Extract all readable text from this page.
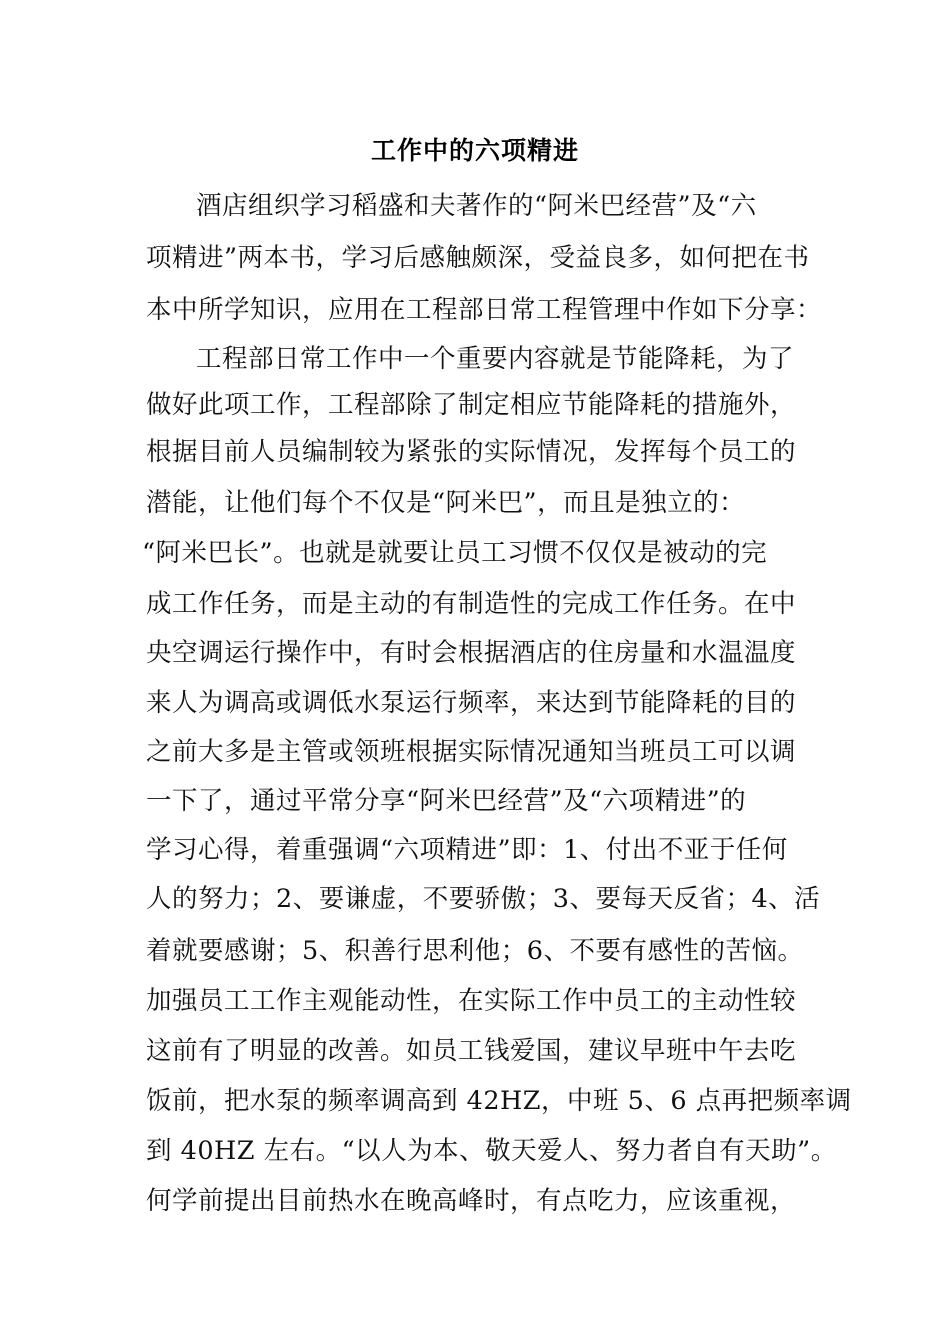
工作中的六项精进
酒店组织学习稻盛和夫著作的“阿米巴经营”及“六
项精进”两本书，学习后感触颇深，受益良多，如何把在书
本中所学知识，应用在工程部日常工程管理中作如下分享：
工程部日常工作中一个重要内容就是节能降耗，为了
做好此项工作，工程部除了制定相应节能降耗的措施外，
根据目前人员编制较为紧张的实际情况，发挥每个员工的
潜能，让他们每个不仅是“阿米巴”，而且是独立的：
“阿米巴长”。也就是就要让员工习惯不仅仅是被动的完
成工作任务，而是主动的有制造性的完成工作任务。在中
央空调运行操作中，有时会根据酒店的住房量和水温温度
来人为调高或调低水泵运行频率，来达到节能降耗的目的
之前大多是主管或领班根据实际情况通知当班员工可以调
一下了，通过平常分享“阿米巴经营”及“六项精进”的
学习心得，着重强调“六项精进”即：1、付出不亚于任何
人的努力；2、要谦虚，不要骄傲；3、要每天反省；4、活
着就要感谢；5、积善行思利他；6、不要有感性的苦恼。
加强员工工作主观能动性，在实际工作中员工的主动性较
这前有了明显的改善。如员工钱爱国，建议早班中午去吃
饭前，把水泵的频率调高到 42HZ，中班 5、6 点再把频率调
到 40HZ 左右。“以人为本、敬天爱人、努力者自有天助”。
何学前提出目前热水在晚高峰时，有点吃力，应该重视，
